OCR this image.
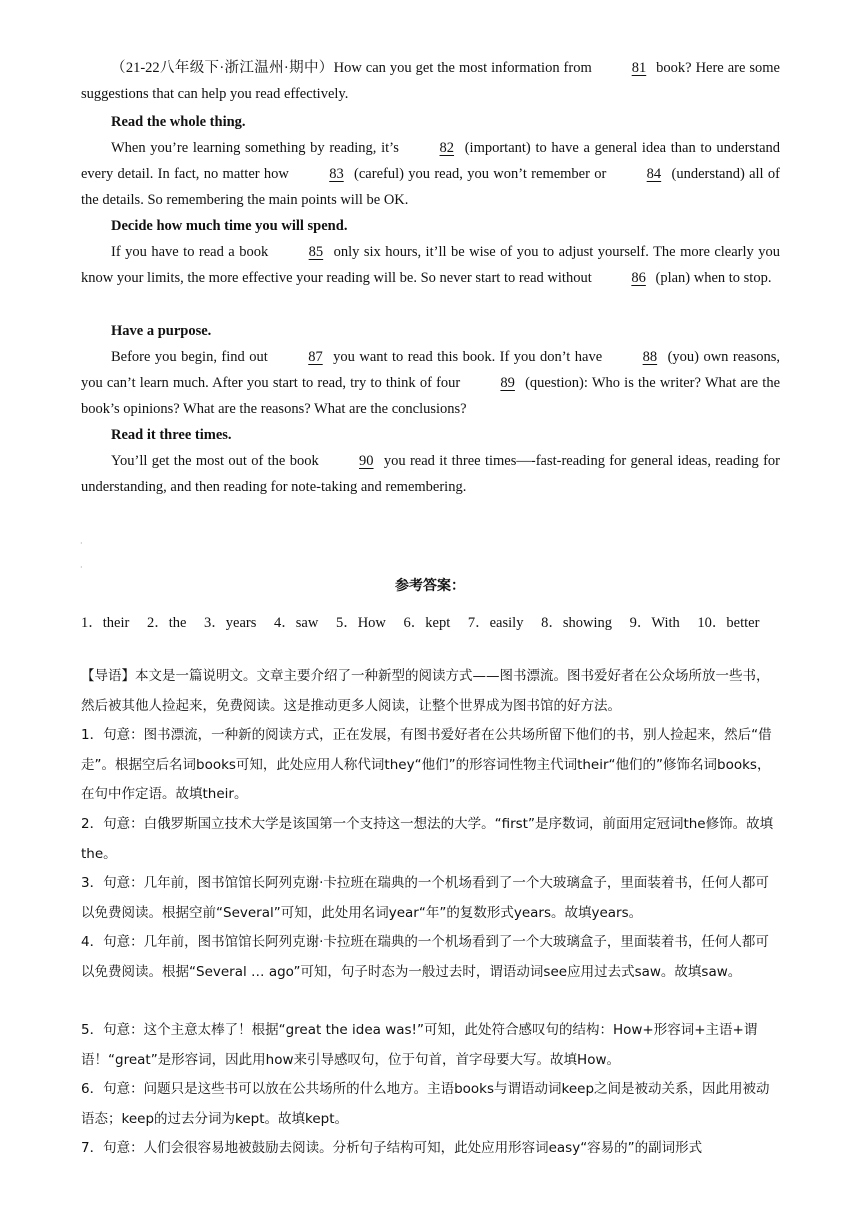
（21-22八年级下·浙江温州·期中）How can you get the most information from 81 book? Here are some suggestions that can help you read effectively.
Read the whole thing.
When you’re learning something by reading, it’s 82 (important) to have a general idea than to understand every detail. In fact, no matter how 83 (careful) you read, you won’t remember or 84 (understand) all of the details. So remembering the main points will be OK.
Decide how much time you will spend.
If you have to read a book 85 only six hours, it’ll be wise of you to adjust yourself. The more clearly you know your limits, the more effective your reading will be. So never start to read without 86 (plan) when to stop.
Have a purpose.
Before you begin, find out 87 you want to read this book. If you don’t have 88 (you) own reasons, you can’t learn much. After you start to read, try to think of four 89 (question): Who is the writer? What are the book’s opinions? What are the reasons? What are the conclusions?
Read it three times.
You’ll get the most out of the book 90 you read it three times—-fast-reading for general ideas, reading for understanding, and then reading for note-taking and remembering.
·
·
参考答案：
1．their 2．the 3．years 4．saw 5．How 6．kept 7．easily 8．showing 9．With 10．better
【导语】本文是一篇说明文。文章主要介绍了一种新型的阅读方式——图书漂流。图书爱好者在公众场所放一些书，然后被其他人捡起来，免费阅读。这是推动更多人阅读，让整个世界成为图书馆的好方法。
1．句意：图书漂流，一种新的阅读方式，正在发展，有图书爱好者在公共场所留下他们的书，别人捡起来，然后“借走”。根据空后名词books可知，此处应用人称代词they“他们”的形容词性物主代词their“他们的”修饰名词books，在句中作定语。故填their。
2．句意：白俄罗斯国立技术大学是该国第一个支持这一想法的大学。“first”是序数词，前面用定冠词the修饰。故填the。
3．句意：几年前，图书馆馆长阿列克谢·卡拉班在瑞典的一个机场看到了一个大玻璃盒子，里面装着书，任何人都可以免费阅读。根据空前“Several”可知，此处用名词year“年”的复数形式years。故填years。
4．句意：几年前，图书馆馆长阿列克谢·卡拉班在瑞典的一个机场看到了一个大玻璃盒子，里面装着书，任何人都可以免费阅读。根据“Several … ago”可知，句子时态为一般过去时，谓语动词see应用过去式saw。故填saw。
5．句意：这个主意太棒了！根据“great the idea was!”可知，此处符合感叹句的结构：How+形容词+主语+谓语！“great”是形容词，因此用how来引导感叹句，位于句首，首字母要大写。故填How。
6．句意：问题只是这些书可以放在公共场所的什么地方。主语books与谓语动词keep之间是被动关系，因此用被动语态；keep的过去分词为kept。故填kept。
7．句意：人们会很容易地被鼓励去阅读。分析句子结构可知，此处应用形容词easy“容易的”的副词形式
